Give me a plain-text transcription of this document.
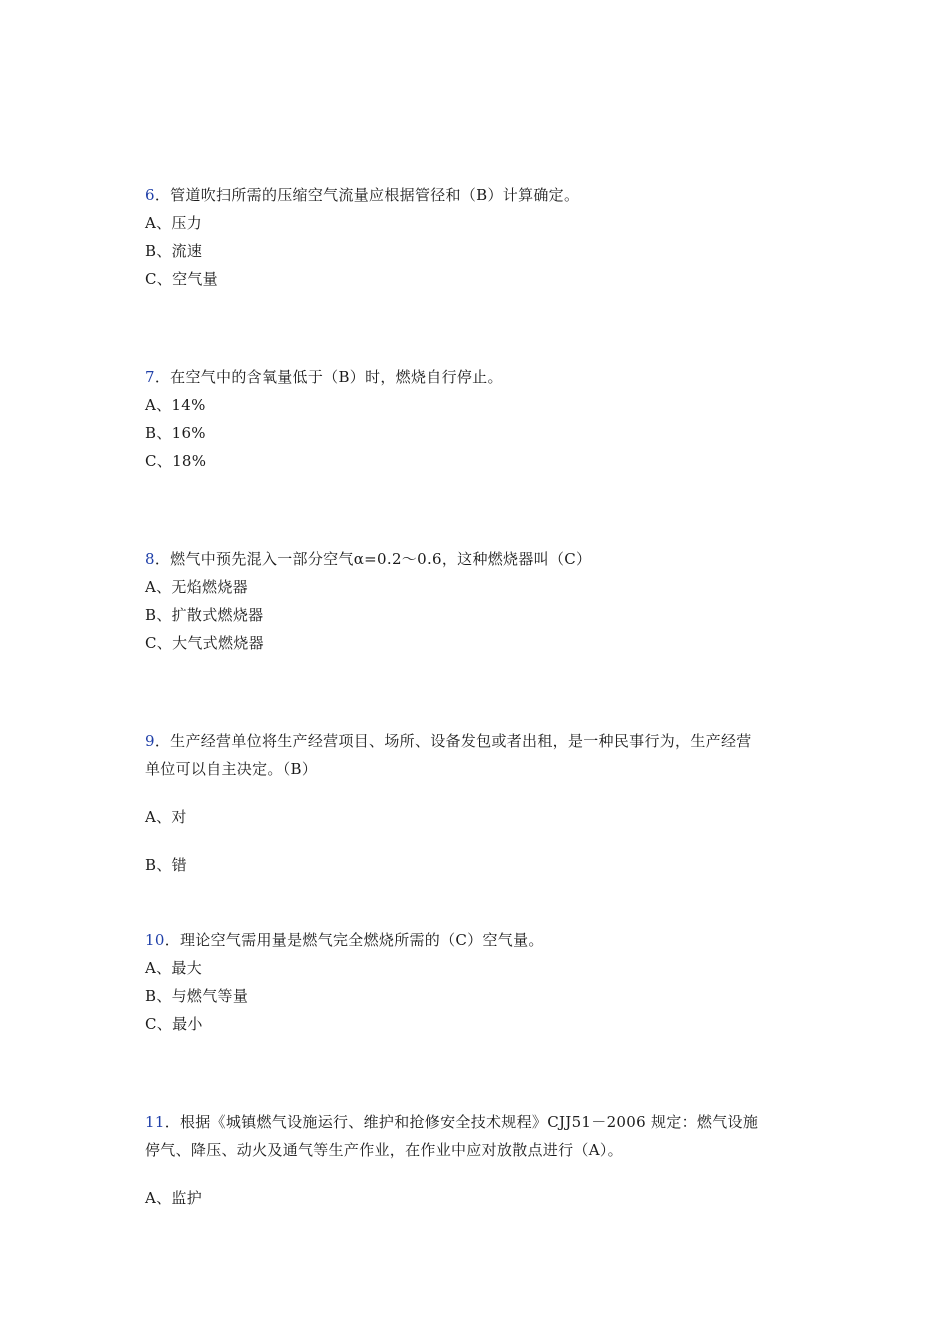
6．管道吹扫所需的压缩空气流量应根据管径和（B）计算确定。
A、压力
B、流速
C、空气量
7．在空气中的含氧量低于（B）时，燃烧自行停止。
A、14%
B、16%
C、18%
8．燃气中预先混入一部分空气α=0.2～0.6，这种燃烧器叫（C）
A、无焰燃烧器
B、扩散式燃烧器
C、大气式燃烧器
9．生产经营单位将生产经营项目、场所、设备发包或者出租，是一种民事行为，生产经营
单位可以自主决定。（B）
A、对
B、错
10．理论空气需用量是燃气完全燃烧所需的（C）空气量。
A、最大
B、与燃气等量
C、最小
11．根据《城镇燃气设施运行、维护和抢修安全技术规程》CJJ51－2006 规定：燃气设施
停气、降压、动火及通气等生产作业，在作业中应对放散点进行（A）。
A、监护
